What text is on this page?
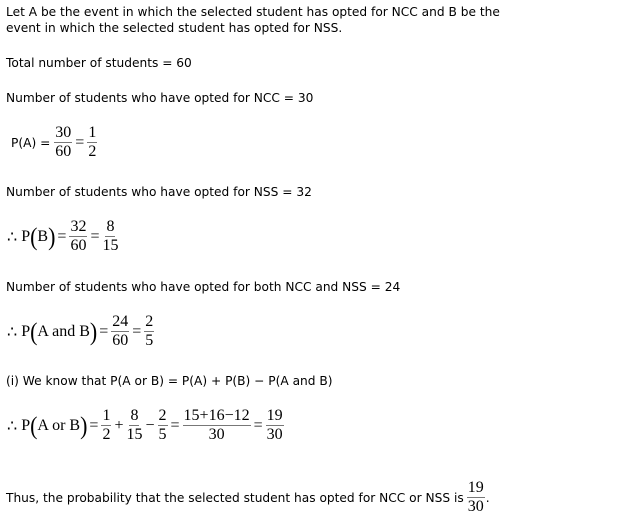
Let A be the event in which the selected student has opted for NCC and B be the
event in which the selected student has opted for NSS.
Total number of students = 60
Number of students who have opted for NCC = 30
$P(A) = \frac{30}{60} = \frac{1}{2}$
Number of students who have opted for NSS = 32
∴
P ( B ) = $\frac{32}{60} = \frac{8}{15}$
Number of students who have opted for both NCC and NSS = 24
∴
P ( A and B ) = $\frac{24}{60} = \frac{2}{5}$
(i) We know that P(A or B) = P(A) + P(B) − P(A and B)
∴
P ( A or B ) = $\frac{1}{2} + \frac{8}{15} - \frac{2}{5} = \frac{15+16-12}{30} = \frac{19}{30}$
Thus, the probability that the selected student has opted for NCC or NSS is $\frac{19}{30}$ .
